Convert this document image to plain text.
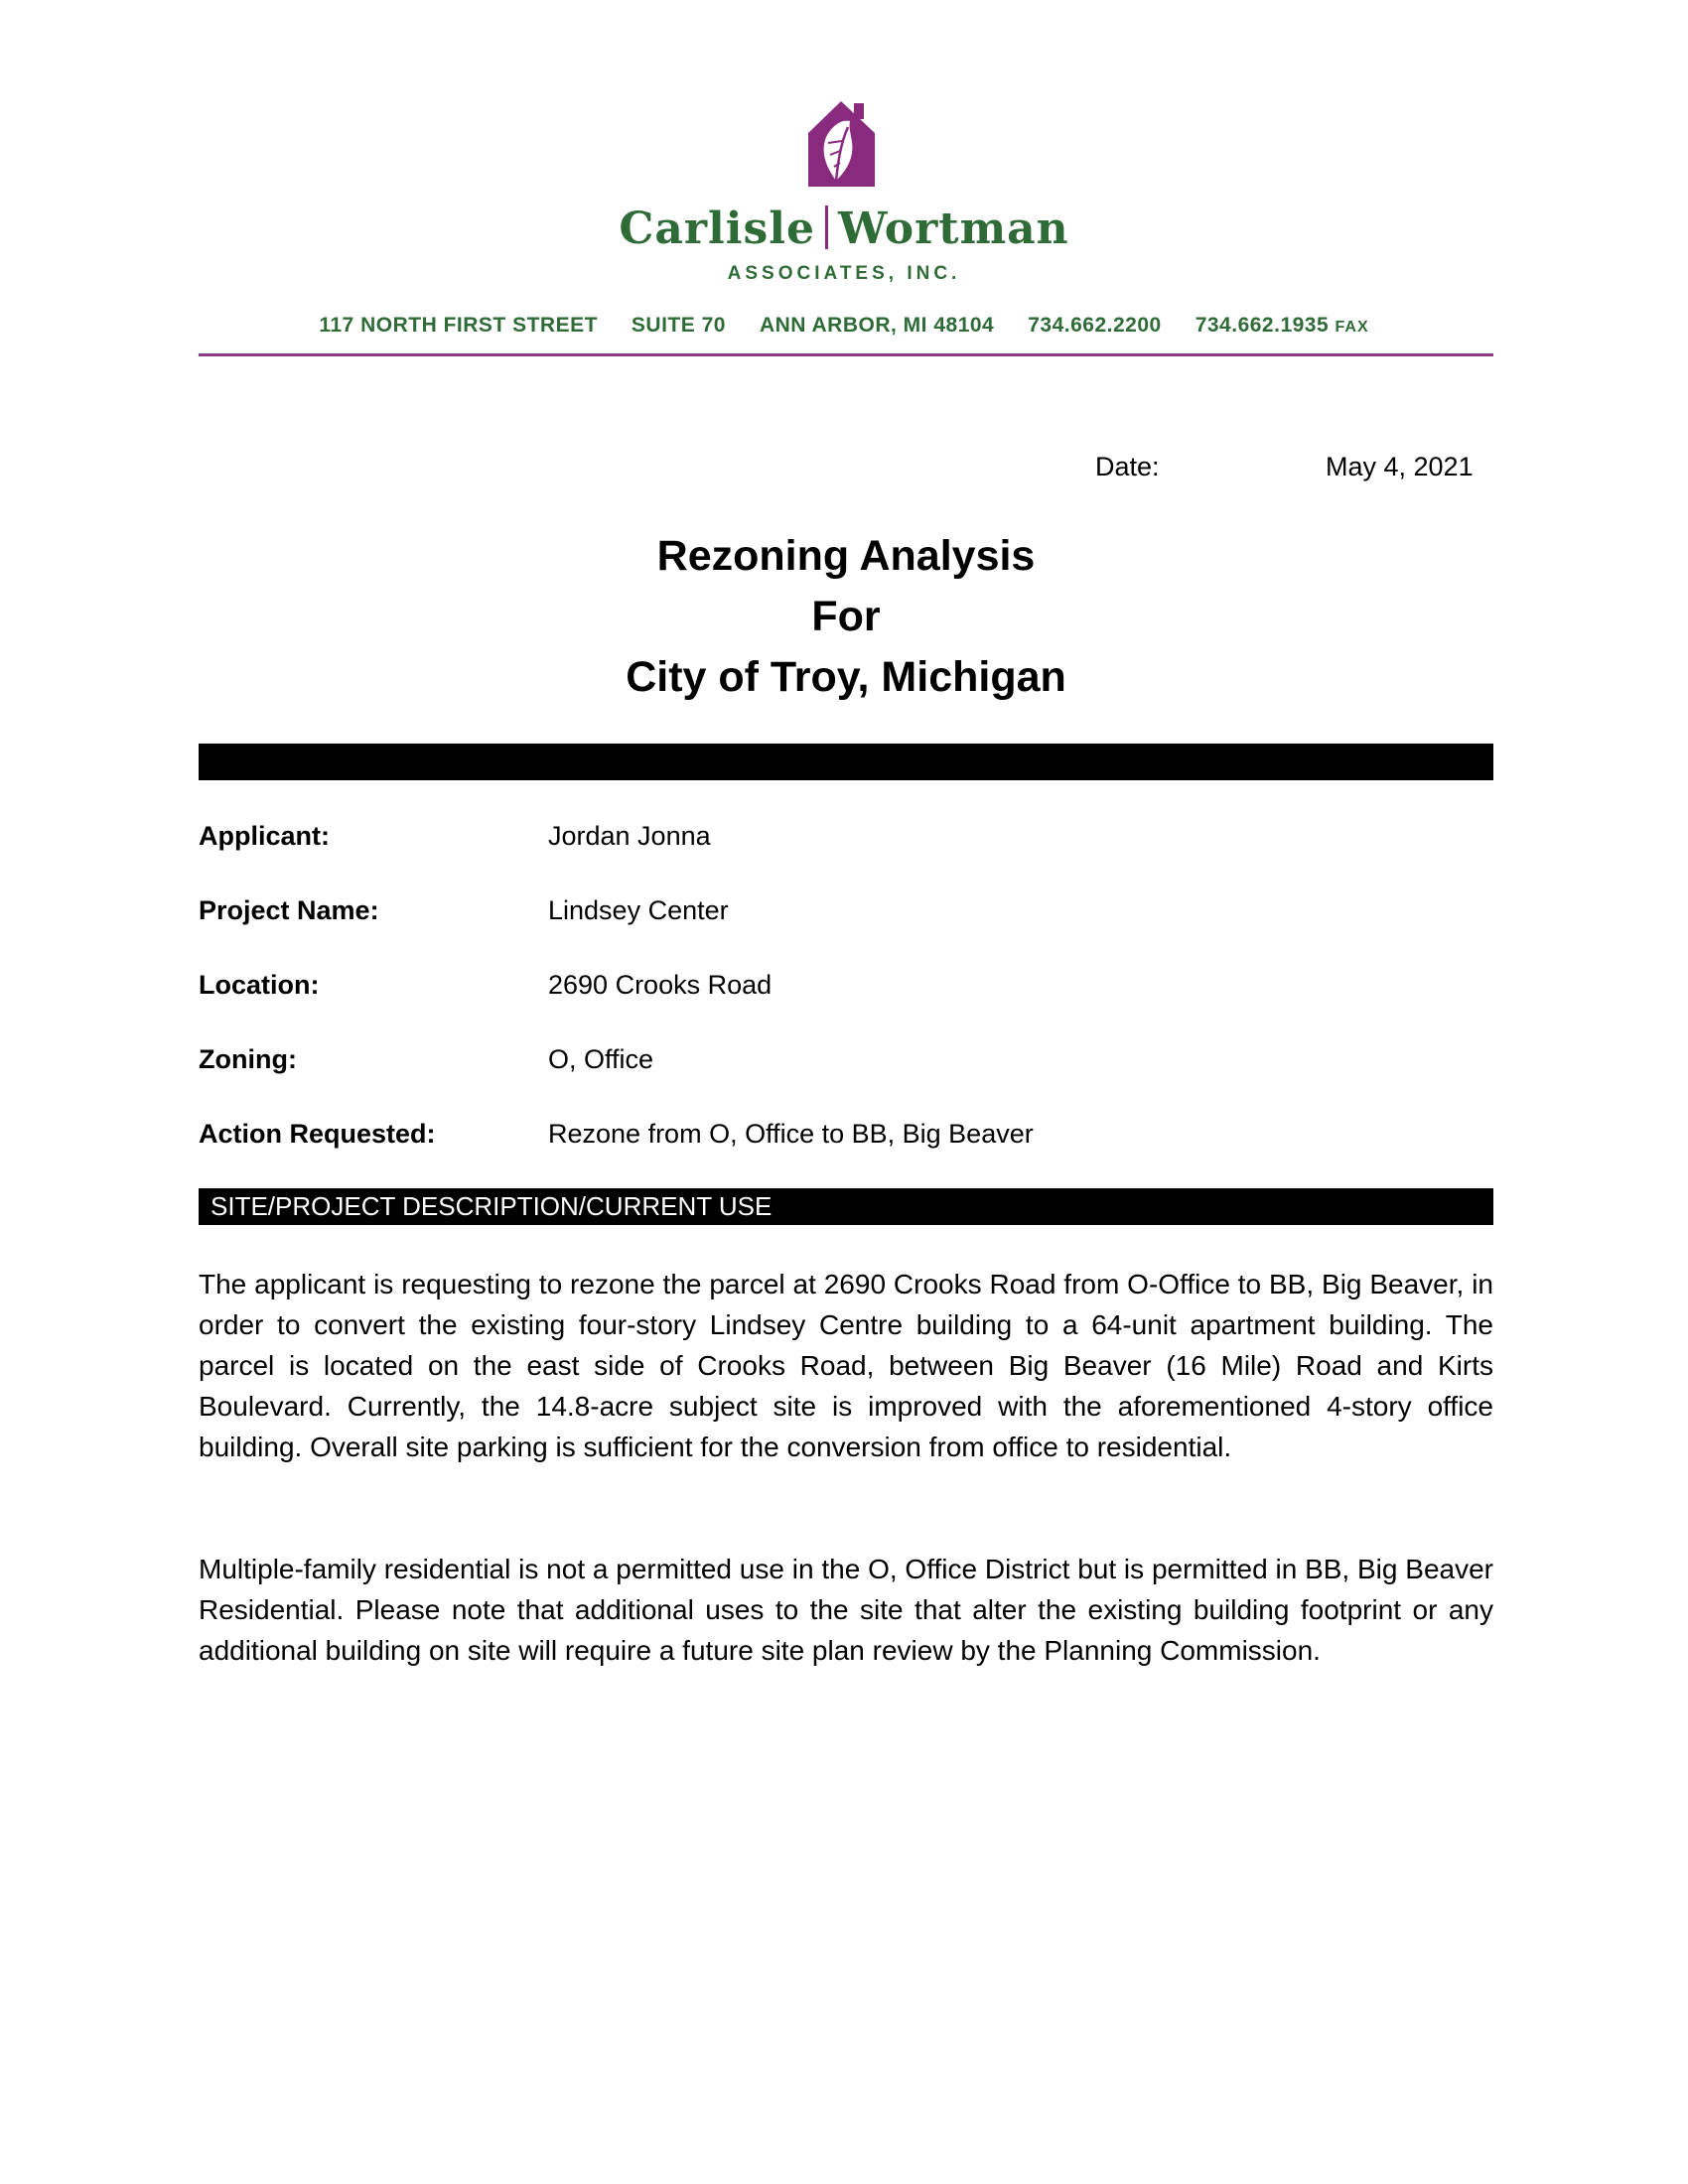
Carlisle Wortman
ASSOCIATES, INC.
117 NORTH FIRST STREET SUITE 70 ANN ARBOR, MI 48104 734.662.2200 734.662.1935 FAX
Date:	May 4, 2021
Rezoning Analysis
For
City of Troy, Michigan
Applicant:	Jordan Jonna
Project Name:	Lindsey Center
Location:	2690 Crooks Road
Zoning:	O, Office
Action Requested:	Rezone from O, Office to BB, Big Beaver
SITE/PROJECT DESCRIPTION/CURRENT USE
The applicant is requesting to rezone the parcel at 2690 Crooks Road from O-Office to BB, Big Beaver, in order to convert the existing four-story Lindsey Centre building to a 64-unit apartment building. The parcel is located on the east side of Crooks Road, between Big Beaver (16 Mile) Road and Kirts Boulevard. Currently, the 14.8-acre subject site is improved with the aforementioned 4-story office building. Overall site parking is sufficient for the conversion from office to residential.
Multiple-family residential is not a permitted use in the O, Office District but is permitted in BB, Big Beaver Residential. Please note that additional uses to the site that alter the existing building footprint or any additional building on site will require a future site plan review by the Planning Commission.
